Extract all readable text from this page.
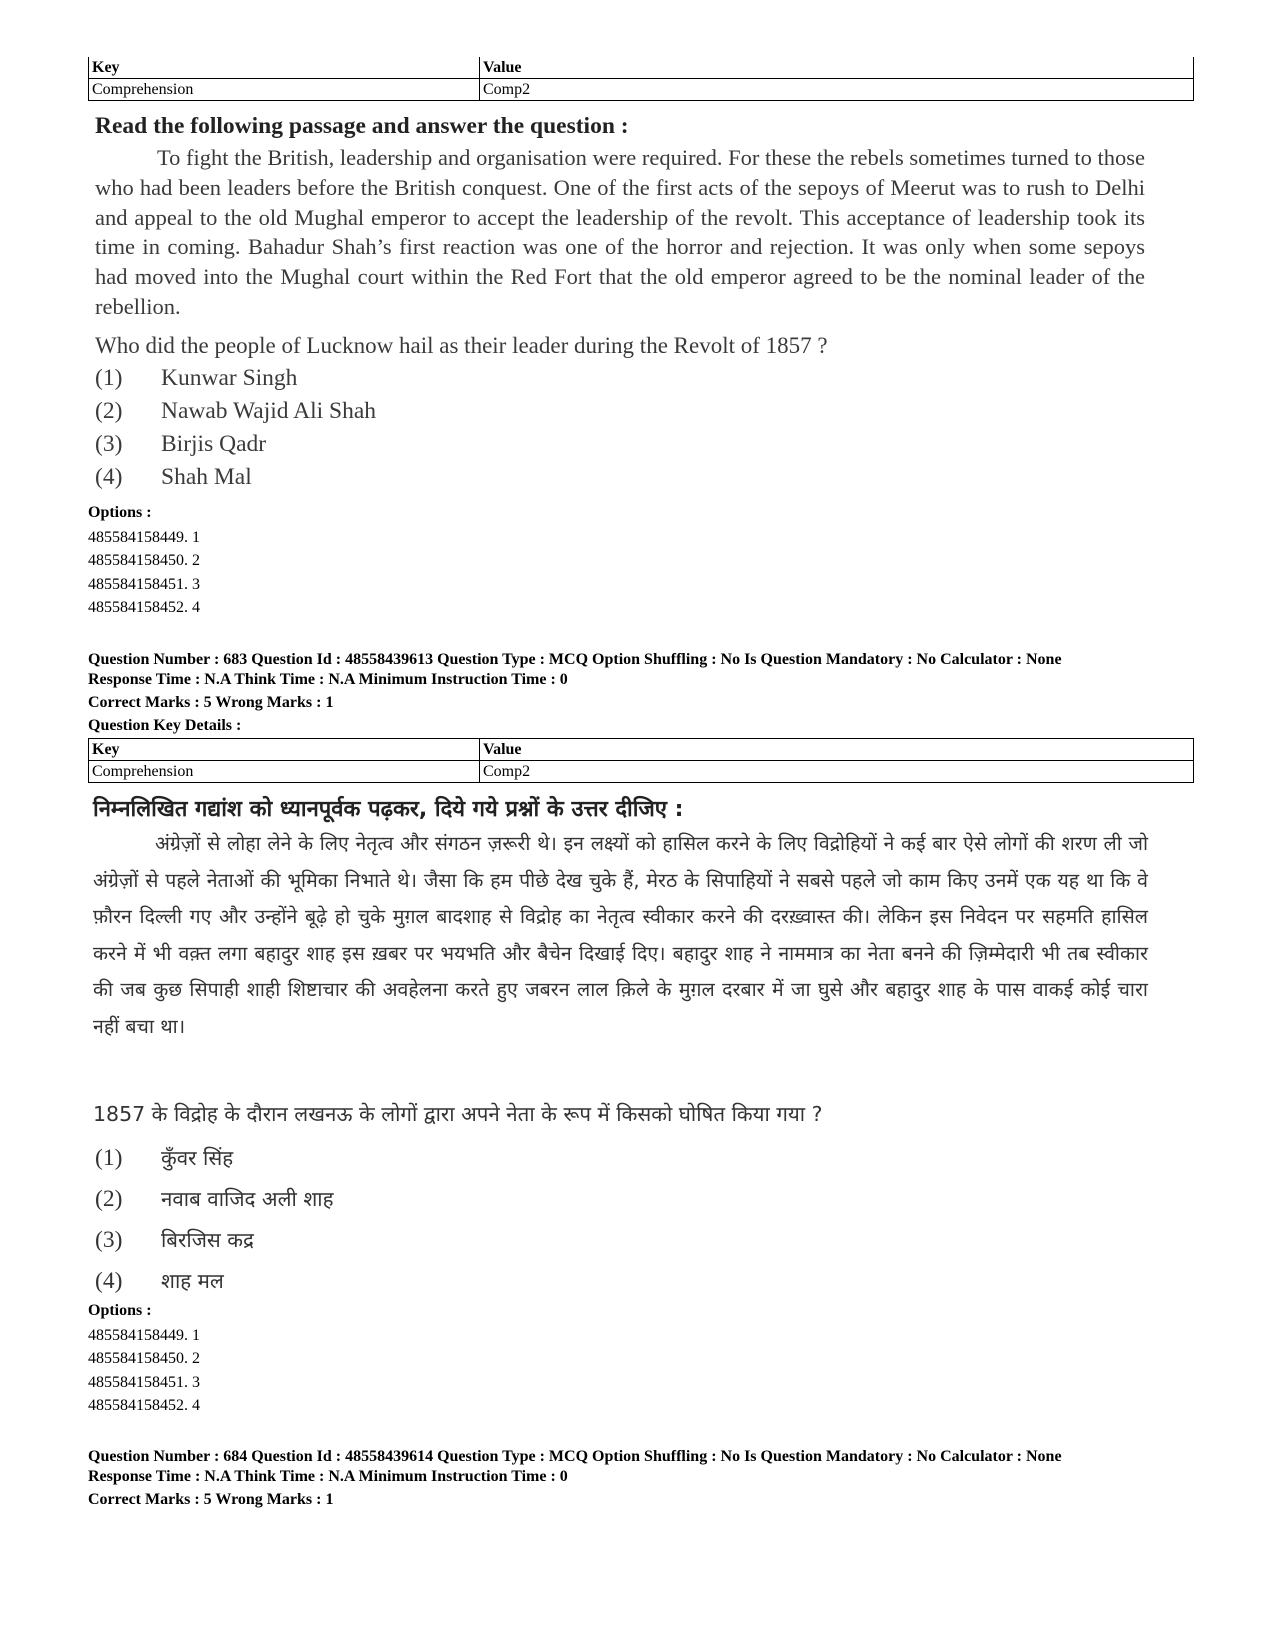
Key	Value
Comprehension	Comp2
Read the following passage and answer the question :
To fight the British, leadership and organisation were required. For these the rebels sometimes turned to those who had been leaders before the British conquest. One of the first acts of the sepoys of Meerut was to rush to Delhi and appeal to the old Mughal emperor to accept the leadership of the revolt. This acceptance of leadership took its time in coming. Bahadur Shah’s first reaction was one of the horror and rejection. It was only when some sepoys had moved into the Mughal court within the Red Fort that the old emperor agreed to be the nominal leader of the rebellion.
Who did the people of Lucknow hail as their leader during the Revolt of 1857 ?
(1) Kunwar Singh
(2) Nawab Wajid Ali Shah
(3) Birjis Qadr
(4) Shah Mal
Options :
485584158449. 1
485584158450. 2
485584158451. 3
485584158452. 4
Question Number : 683 Question Id : 48558439613 Question Type : MCQ Option Shuffling : No Is Question Mandatory : No Calculator : None
Response Time : N.A Think Time : N.A Minimum Instruction Time : 0
Correct Marks : 5 Wrong Marks : 1
Question Key Details :
Key	Value
Comprehension	Comp2
निम्नलिखित गद्यांश को ध्यानपूर्वक पढ़कर, दिये गये प्रश्नों के उत्तर दीजिए :
अंग्रेज़ों से लोहा लेने के लिए नेतृत्व और संगठन ज़रूरी थे। इन लक्ष्यों को हासिल करने के लिए विद्रोहियों ने कई बार ऐसे लोगों की शरण ली जो अंग्रेज़ों से पहले नेताओं की भूमिका निभाते थे। जैसा कि हम पीछे देख चुके हैं, मेरठ के सिपाहियों ने सबसे पहले जो काम किए उनमें एक यह था कि वे फ़ौरन दिल्ली गए और उन्होंने बूढ़े हो चुके मुग़ल बादशाह से विद्रोह का नेतृत्व स्वीकार करने की दरख़्वास्त की। लेकिन इस निवेदन पर सहमति हासिल करने में भी वक़्त लगा बहादुर शाह इस ख़बर पर भयभति और बैचेन दिखाई दिए। बहादुर शाह ने नाममात्र का नेता बनने की ज़िम्मेदारी भी तब स्वीकार की जब कुछ सिपाही शाही शिष्टाचार की अवहेलना करते हुए जबरन लाल क़िले के मुग़ल दरबार में जा घुसे और बहादुर शाह के पास वाकई कोई चारा नहीं बचा था।
1857 के विद्रोह के दौरान लखनऊ के लोगों द्वारा अपने नेता के रूप में किसको घोषित किया गया ?
(1) कुँवर सिंह
(2) नवाब वाजिद अली शाह
(3) बिरजिस कद्र
(4) शाह मल
Options :
485584158449. 1
485584158450. 2
485584158451. 3
485584158452. 4
Question Number : 684 Question Id : 48558439614 Question Type : MCQ Option Shuffling : No Is Question Mandatory : No Calculator : None
Response Time : N.A Think Time : N.A Minimum Instruction Time : 0
Correct Marks : 5 Wrong Marks : 1
